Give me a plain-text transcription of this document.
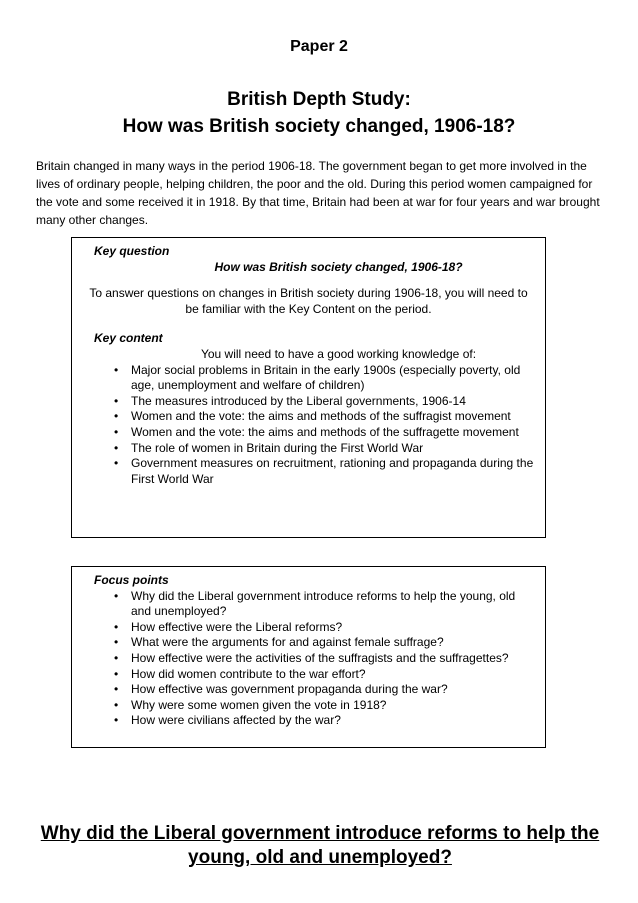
Paper 2
British Depth Study:
How was British society changed, 1906-18?
Britain changed in many ways in the period 1906-18. The government began to get more involved in the lives of ordinary people, helping children, the poor and the old. During this period women campaigned for the vote and some received it in 1918. By that time, Britain had been at war for four years and war brought many other changes.
Key question
How was British society changed, 1906-18?
To answer questions on changes in British society during 1906-18, you will need to be familiar with the Key Content on the period.
Key content
You will need to have a good working knowledge of:
• Major social problems in Britain in the early 1900s (especially poverty, old age, unemployment and welfare of children)
• The measures introduced by the Liberal governments, 1906-14
• Women and the vote: the aims and methods of the suffragist movement
• Women and the vote: the aims and methods of the suffragette movement
• The role of women in Britain during the First World War
• Government measures on recruitment, rationing and propaganda during the First World War
Focus points
• Why did the Liberal government introduce reforms to help the young, old and unemployed?
• How effective were the Liberal reforms?
• What were the arguments for and against female suffrage?
• How effective were the activities of the suffragists and the suffragettes?
• How did women contribute to the war effort?
• How effective was government propaganda during the war?
• Why were some women given the vote in 1918?
• How were civilians affected by the war?
Why did the Liberal government introduce reforms to help the
young, old and unemployed?
